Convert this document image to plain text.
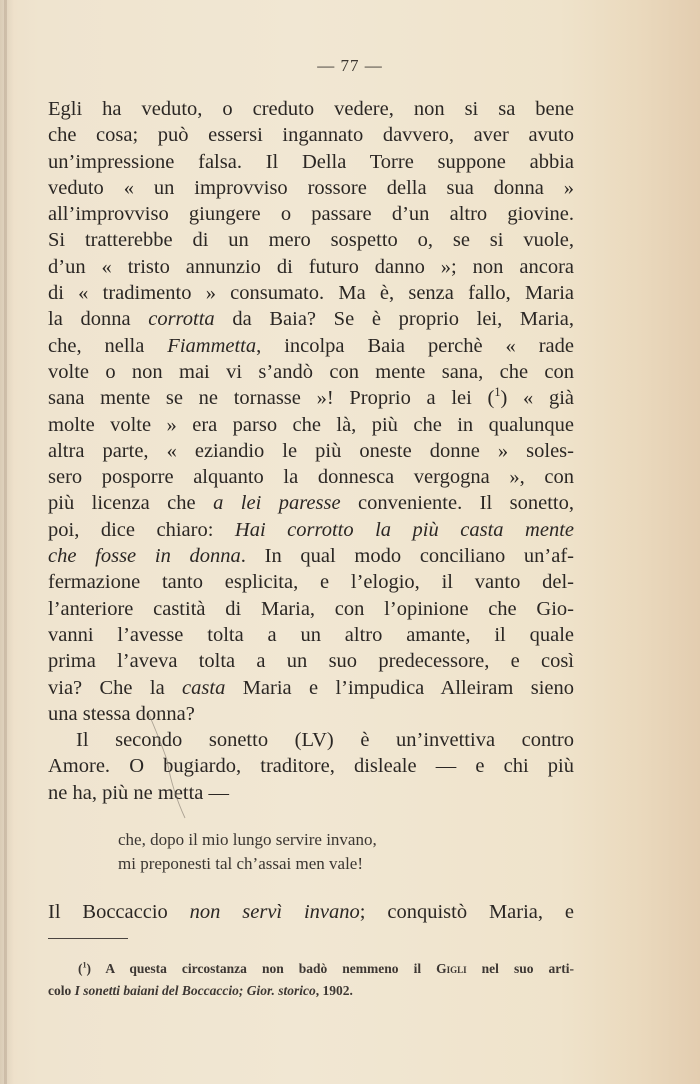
— 77 —
Egli ha veduto, o creduto vedere, non si sa bene
che cosa; può essersi ingannato davvero, aver avuto
un’impressione falsa. Il Della Torre suppone abbia
veduto « un improvviso rossore della sua donna »
all’improvviso giungere o passare d’un altro giovine.
Si tratterebbe di un mero sospetto o, se si vuole,
d’un « tristo annunzio di futuro danno »; non ancora
di « tradimento » consumato. Ma è, senza fallo, Maria
la donna corrotta da Baia? Se è proprio lei, Maria,
che, nella Fiammetta, incolpa Baia perchè « rade
volte o non mai vi s’andò con mente sana, che con
sana mente se ne tornasse »! Proprio a lei ($^1$) « già
molte volte » era parso che là, più che in qualunque
altra parte, « eziandio le più oneste donne » soles-
sero posporre alquanto la donnesca vergogna », con
più licenza che a lei paresse conveniente. Il sonetto,
poi, dice chiaro: Hai corrotto la più casta mente
che fosse in donna. In qual modo conciliano un’af-
fermazione tanto esplicita, e l’elogio, il vanto del-
l’anteriore castità di Maria, con l’opinione che Gio-
vanni l’avesse tolta a un altro amante, il quale
prima l’aveva tolta a un suo predecessore, e così
via? Che la casta Maria e l’impudica Alleiram sieno
una stessa donna?
Il secondo sonetto (LV) è un’invettiva contro
Amore. O bugiardo, traditore, disleale — e chi più
ne ha, più ne metta —
che, dopo il mio lungo servire invano,
mi preponesti tal ch’assai men vale!
Il Boccaccio non servì invano; conquistò Maria, e
($^1$) A questa circostanza non badò nemmeno il Gigli nel suo arti-
colo I sonetti baiani del Boccaccio; Gior. storico, 1902.
